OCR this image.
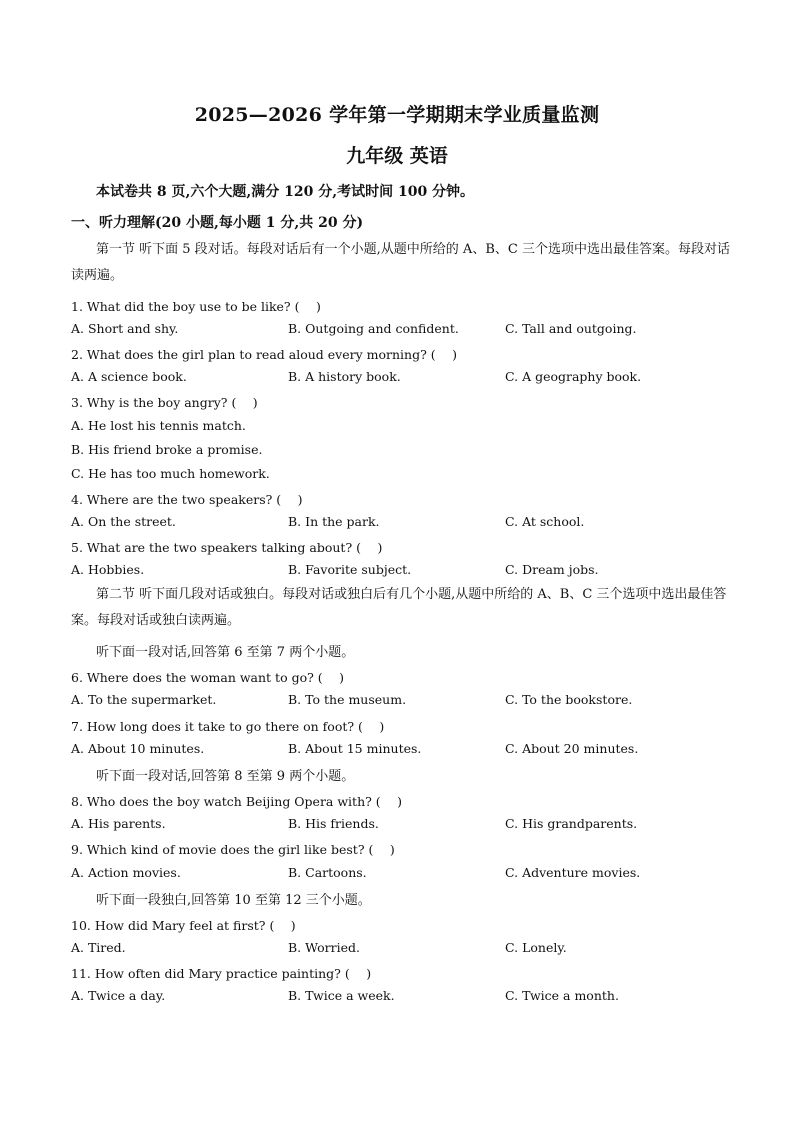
2025—2026 学年第一学期期末学业质量监测
九年级 英语
本试卷共 8 页,六个大题,满分 120 分,考试时间 100 分钟。
一、听力理解(20 小题,每小题 1 分,共 20 分)
第一节 听下面 5 段对话。每段对话后有一个小题,从题中所给的 A、B、C 三个选项中选出最佳答案。每段对话读两遍。
1. What did the boy use to be like? (　 )
A. Short and shy.	B. Outgoing and confident.	C. Tall and outgoing.
2. What does the girl plan to read aloud every morning? (　 )
A. A science book.	B. A history book.	C. A geography book.
3. Why is the boy angry? (　 )
A. He lost his tennis match.
B. His friend broke a promise.
C. He has too much homework.
4. Where are the two speakers? (　 )
A. On the street.	B. In the park.	C. At school.
5. What are the two speakers talking about? (　 )
A. Hobbies.	B. Favorite subject.	C. Dream jobs.
第二节 听下面几段对话或独白。每段对话或独白后有几个小题,从题中所给的 A、B、C 三个选项中选出最佳答案。每段对话或独白读两遍。
听下面一段对话,回答第 6 至第 7 两个小题。
6. Where does the woman want to go? (　 )
A. To the supermarket.	B. To the museum.	C. To the bookstore.
7. How long does it take to go there on foot? (　 )
A. About 10 minutes.	B. About 15 minutes.	C. About 20 minutes.
听下面一段对话,回答第 8 至第 9 两个小题。
8. Who does the boy watch Beijing Opera with? (　 )
A. His parents.	B. His friends.	C. His grandparents.
9. Which kind of movie does the girl like best? (　 )
A. Action movies.	B. Cartoons.	C. Adventure movies.
听下面一段独白,回答第 10 至第 12 三个小题。
10. How did Mary feel at first? (　 )
A. Tired.	B. Worried.	C. Lonely.
11. How often did Mary practice painting? (　 )
A. Twice a day.	B. Twice a week.	C. Twice a month.
